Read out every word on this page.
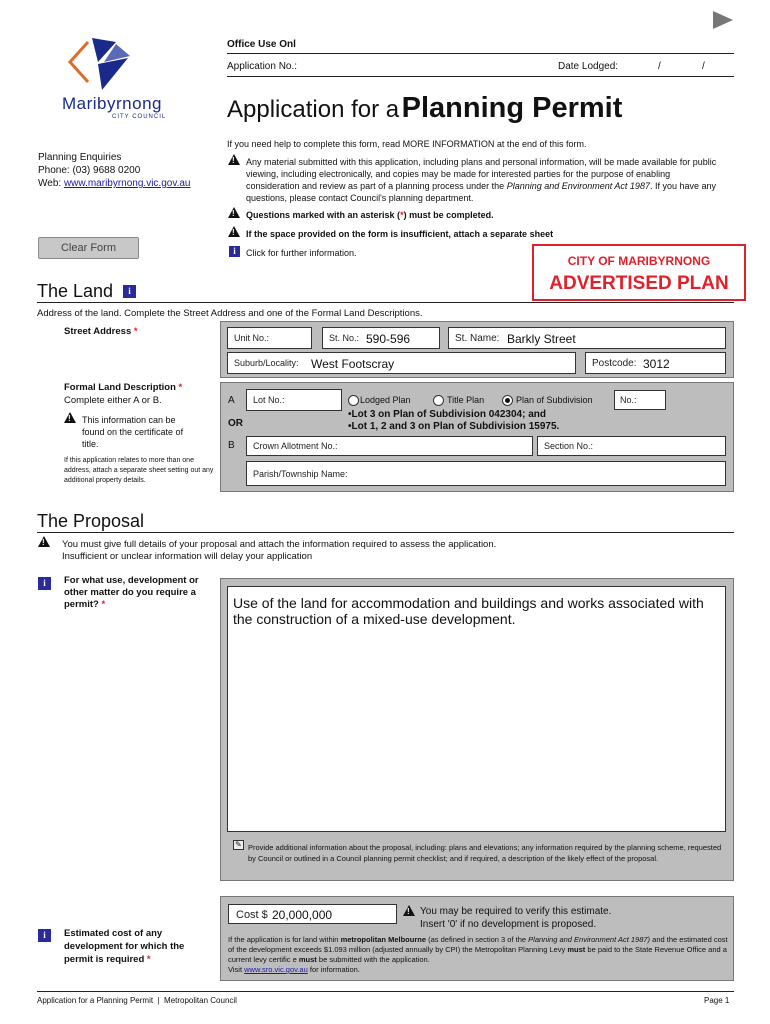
Office Use Onl
Application No.:	Date Lodged:	/	/
Maribyrnong
CITY COUNCIL	Application for a Planning Permit
Planning Enquiries
Phone: (03) 9688 0200
Web: www.maribyrnong.vic.gov.au
If you need help to complete this form, read MORE INFORMATION at the end of this form.
!
Any material submitted with this application, including plans and personal information, will be made available for public viewing, including electronically, and copies may be made for interested parties for the purpose of enabling consideration and review as part of a planning process under the Planning and Environment Act 1987. If you have any questions, please contact Council's planning department.
!
Questions marked with an asterisk (*) must be completed.
!
If the space provided on the form is insufficient, attach a separate sheet
i	Click for further information.
Clear Form
CITY OF MARIBYRNONG
ADVERTISED PLAN
The Land	i
Address of the land. Complete the Street Address and one of the Formal Land Descriptions.
Street Address *
Unit No.:	St. No.: 590-596	St. Name: Barkly Street
Suburb/Locality: West Footscray	Postcode: 3012
Formal Land Description *
Complete either A or B.
!
This information can be found on the certificate of title.
If this application relates to more than one address, attach a separate sheet setting out any additional property details.
A
OR
B
Lot No.:	Lodged Plan	Title Plan	Plan of Subdivision	No.:
•Lot 3 on Plan of Subdivision 042304; and
•Lot 1, 2 and 3 on Plan of Subdivision 15975.
Crown Allotment No.:	Section No.:
Parish/Township Name:
The Proposal
!
You must give full details of your proposal and attach the information required to assess the application.
Insufficient or unclear information will delay your application
i	For what use, development or other matter do you require a permit? *	Use of the land for accommodation and buildings and works associated with the construction of a mixed-use development.
✎ Provide additional information about the proposal, including: plans and elevations; any information required by the planning scheme, requested by Council or outlined in a Council planning permit checklist; and if required, a description of the likely effect of the proposal.
Cost $ 20,000,000
!	You may be required to verify this estimate.
Insert '0' if no development is proposed.
If the application is for land within metropolitan Melbourne (as defined in section 3 of the Planning and Environment Act 1987) and the estimated cost of the development exceeds $1.093 million (adjusted annually by CPI) the Metropolitan Planning Levy must be paid to the State Revenue Office and a current levy certific e must be submitted with the application.
Visit www.sro.vic.gov.au for information.
i	Estimated cost of any development for which the permit is required *
Application for a Planning Permit  |  Metropolitan Council	Page 1
